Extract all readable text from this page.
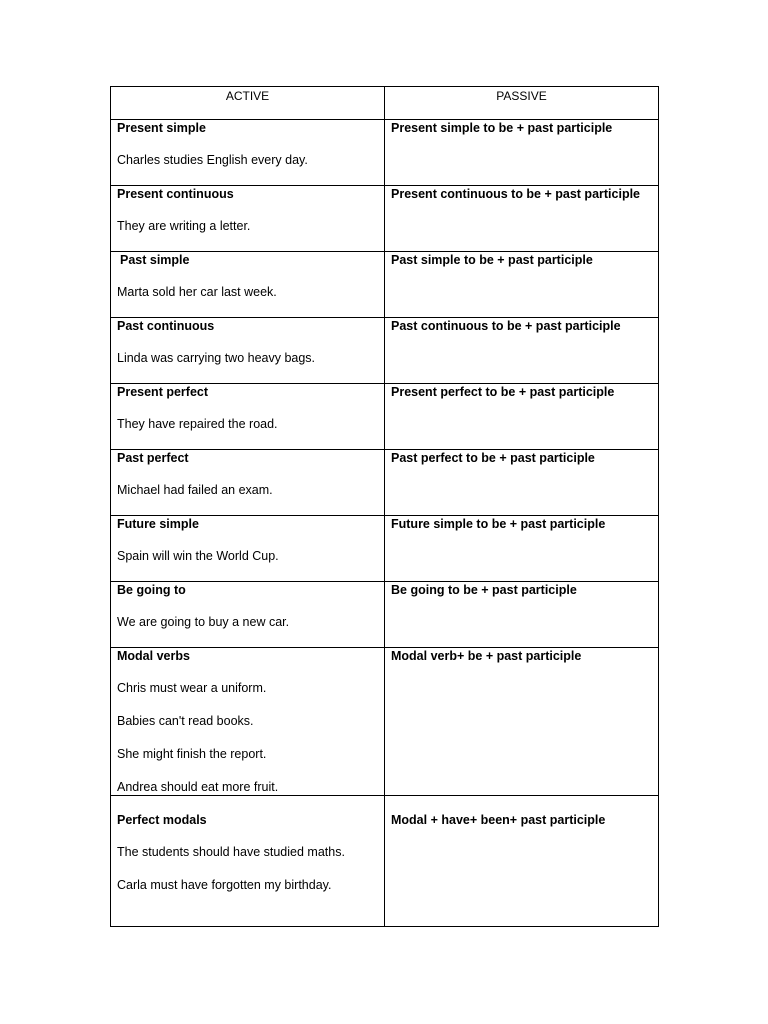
ACTIVE	PASSIVE

Present simple
Charles studies English every day.	Present simple to be + past participle

Present continuous
They are writing a letter.	Present continuous to be + past participle

Past simple
Marta sold her car last week.	Past simple to be + past participle

Past continuous
Linda was carrying two heavy bags.	Past continuous to be + past participle

Present perfect
They have repaired the road.	Present perfect to be + past participle

Past perfect
Michael had failed an exam.	Past perfect to be + past participle

Future simple
Spain will win the World Cup.	Future simple to be + past participle

Be going to
We are going to buy a new car.	Be going to be + past participle

Modal verbs
Chris must wear a uniform.
Babies can't read books.
She might finish the report.
Andrea should eat more fruit.	Modal verb+ be + past participle

Perfect modals
The students should have studied maths.
Carla must have forgotten my birthday.	Modal + have+ been+ past participle
